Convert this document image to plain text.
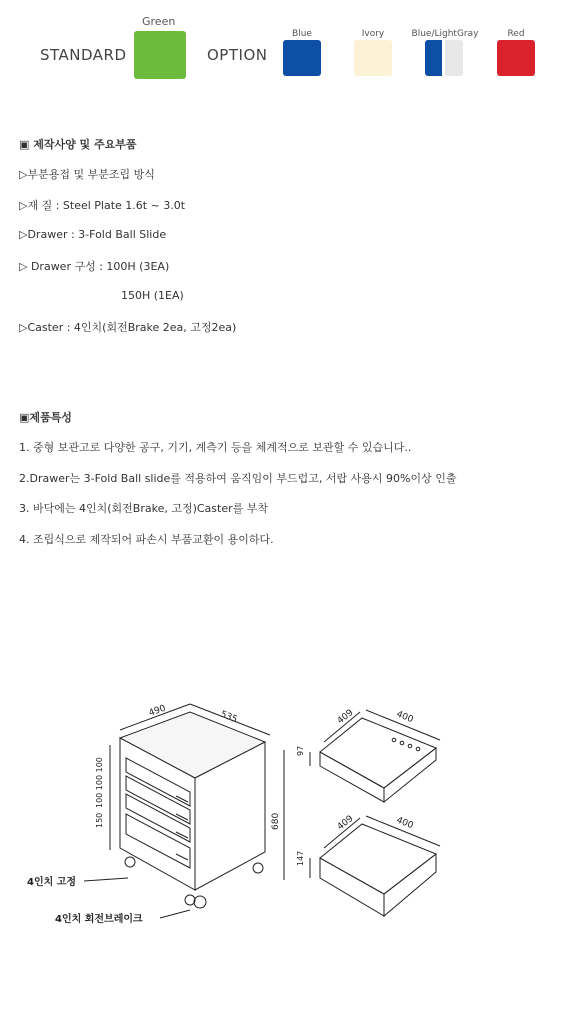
STANDARD
Green
OPTION
Blue	Ivory	Blue/LightGray	Red
▣ 제작사양 및 주요부품
▷부분용접 및 부분조립 방식
▷재 질 : Steel Plate 1.6t ~ 3.0t
▷Drawer : 3-Fold Ball Slide
▷ Drawer 구성 : 100H (3EA)
150H (1EA)
▷Caster : 4인치(회전Brake 2ea, 고정2ea)
▣제품특성
1. 중형 보관고로 다양한 공구, 기기, 계측기 등을 체계적으로 보관할 수 있습니다..
2.Drawer는 3-Fold Ball slide를 적용하여 움직임이 부드럽고, 서랍 사용시 90%이상 인출
3. 바닥에는 4인치(회전Brake, 고정)Caster를 부착
4. 조립식으로 제작되어 파손시 부품교환이 용이하다.
490	535
680
100 100 100
150
409	400
97
409	400
147
4인치 고정
4인치 회전브레이크
